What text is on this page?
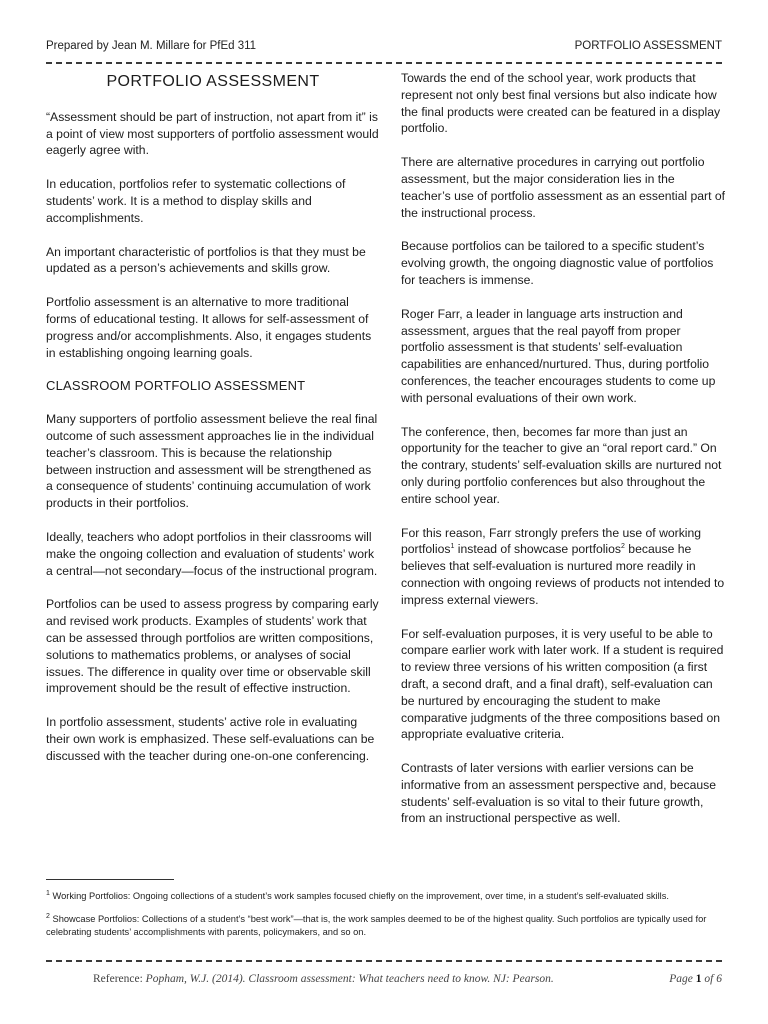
Prepared by Jean M. Millare for PfEd 311	PORTFOLIO ASSESSMENT
PORTFOLIO ASSESSMENT

“Assessment should be part of instruction, not apart from it” is a point of view most supporters of portfolio assessment would eagerly agree with.

In education, portfolios refer to systematic collections of students’ work. It is a method to display skills and accomplishments.

An important characteristic of portfolios is that they must be updated as a person’s achievements and skills grow.

Portfolio assessment is an alternative to more traditional forms of educational testing. It allows for self-assessment of progress and/or accomplishments. Also, it engages students in establishing ongoing learning goals.

CLASSROOM PORTFOLIO ASSESSMENT

Many supporters of portfolio assessment believe the real final outcome of such assessment approaches lie in the individual teacher’s classroom. This is because the relationship between instruction and assessment will be strengthened as a consequence of students’ continuing accumulation of work products in their portfolios.

Ideally, teachers who adopt portfolios in their classrooms will make the ongoing collection and evaluation of students’ work a central—not secondary—focus of the instructional program.

Portfolios can be used to assess progress by comparing early and revised work products. Examples of students’ work that can be assessed through portfolios are written compositions, solutions to mathematics problems, or analyses of social issues. The difference in quality over time or observable skill improvement should be the result of effective instruction.

In portfolio assessment, students’ active role in evaluating their own work is emphasized. These self-evaluations can be discussed with the teacher during one-on-one conferencing.

Towards the end of the school year, work products that represent not only best final versions but also indicate how the final products were created can be featured in a display portfolio.

There are alternative procedures in carrying out portfolio assessment, but the major consideration lies in the teacher’s use of portfolio assessment as an essential part of the instructional process.

Because portfolios can be tailored to a specific student’s evolving growth, the ongoing diagnostic value of portfolios for teachers is immense.

Roger Farr, a leader in language arts instruction and assessment, argues that the real payoff from proper portfolio assessment is that students’ self-evaluation capabilities are enhanced/nurtured. Thus, during portfolio conferences, the teacher encourages students to come up with personal evaluations of their own work.

The conference, then, becomes far more than just an opportunity for the teacher to give an “oral report card.” On the contrary, students’ self-evaluation skills are nurtured not only during portfolio conferences but also throughout the entire school year.

For this reason, Farr strongly prefers the use of working portfolios$^1$ instead of showcase portfolios$^2$ because he believes that self-evaluation is nurtured more readily in connection with ongoing reviews of products not intended to impress external viewers.

For self-evaluation purposes, it is very useful to be able to compare earlier work with later work. If a student is required to review three versions of his written composition (a first draft, a second draft, and a final draft), self-evaluation can be nurtured by encouraging the student to make comparative judgments of the three compositions based on appropriate evaluative criteria.

Contrasts of later versions with earlier versions can be informative from an assessment perspective and, because students’ self-evaluation is so vital to their future growth, from an instructional perspective as well.

$^1$ Working Portfolios: Ongoing collections of a student’s work samples focused chiefly on the improvement, over time, in a student’s self-evaluated skills.

$^2$ Showcase Portfolios: Collections of a student’s “best work”—that is, the work samples deemed to be of the highest quality. Such portfolios are typically used for celebrating students’ accomplishments with parents, policymakers, and so on.

Reference: Popham, W.J. (2014). Classroom assessment: What teachers need to know. NJ: Pearson.	Page 1 of 6
